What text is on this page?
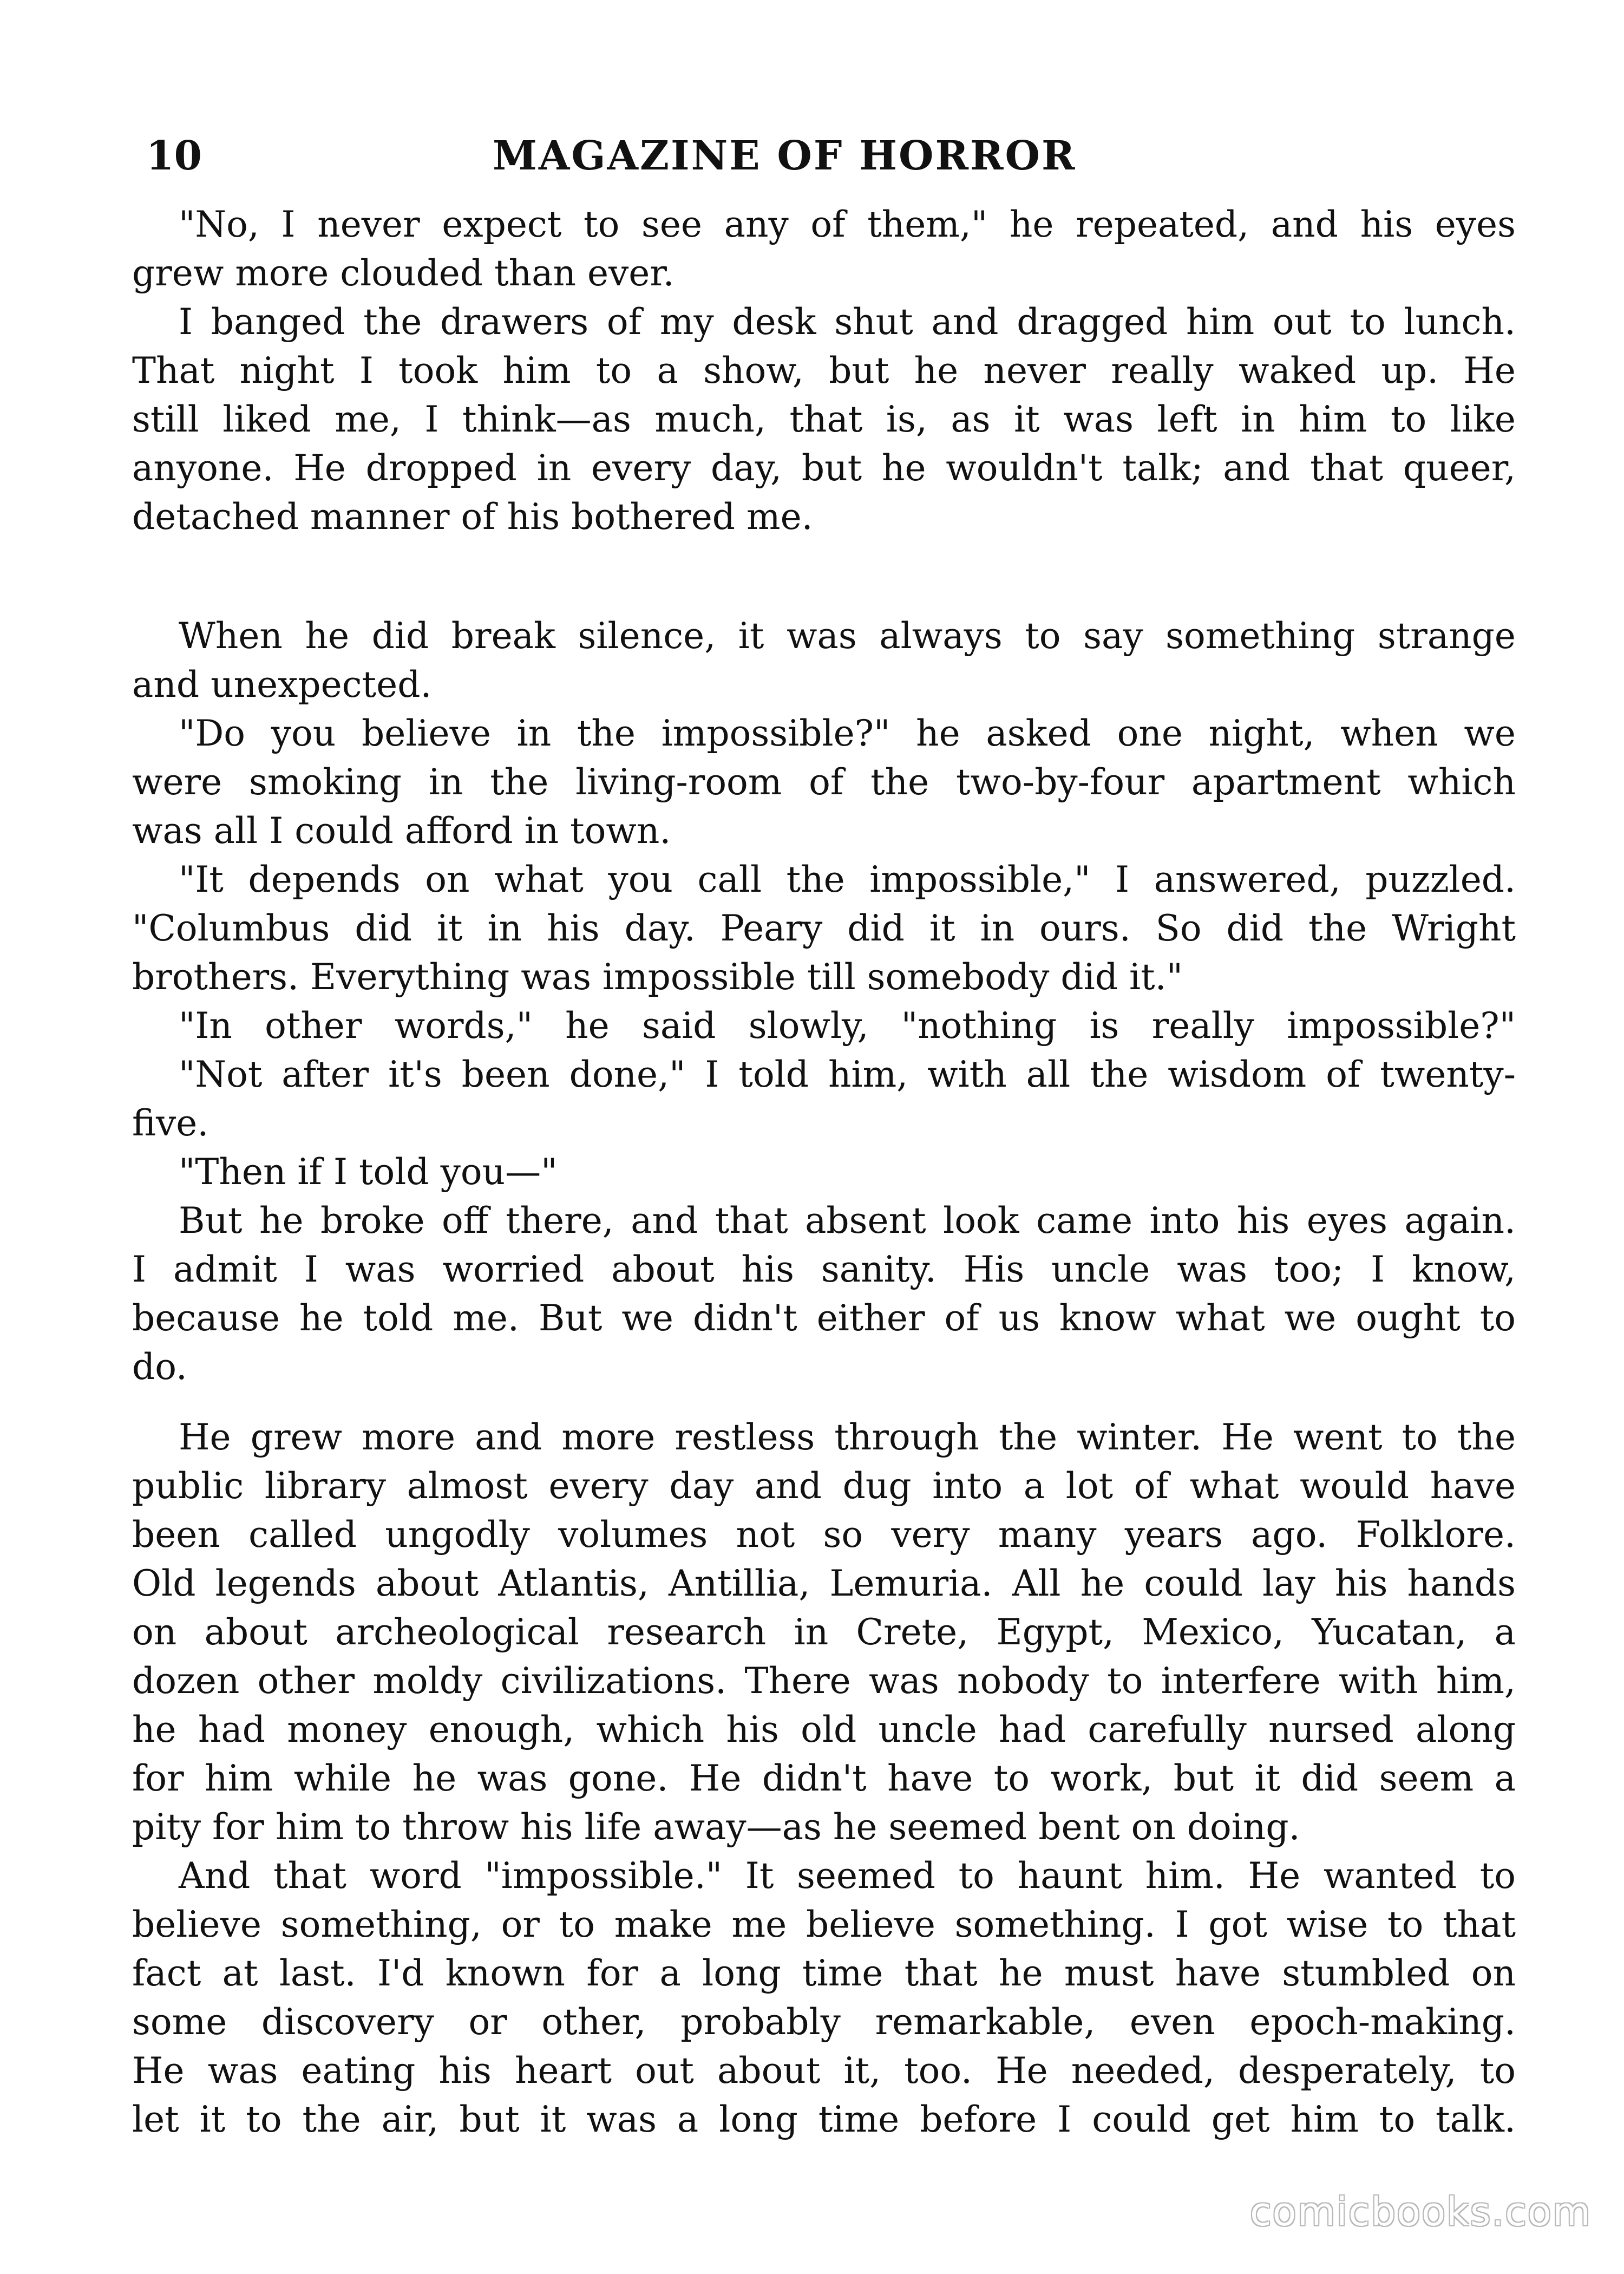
10	MAGAZINE OF HORROR
"No, I never expect to see any of them," he repeated, and his eyes
grew more clouded than ever.
I banged the drawers of my desk shut and dragged him out to lunch.
That night I took him to a show, but he never really waked up. He
still liked me, I think—as much, that is, as it was left in him to like
anyone. He dropped in every day, but he wouldn't talk; and that queer,
detached manner of his bothered me.
When he did break silence, it was always to say something strange
and unexpected.
"Do you believe in the impossible?" he asked one night, when we
were smoking in the living-room of the two-by-four apartment which
was all I could afford in town.
"It depends on what you call the impossible," I answered, puzzled.
"Columbus did it in his day. Peary did it in ours. So did the Wright
brothers. Everything was impossible till somebody did it."
"In other words," he said slowly, "nothing is really impossible?"
"Not after it's been done," I told him, with all the wisdom of twenty-
five.
"Then if I told you—"
But he broke off there, and that absent look came into his eyes again.
I admit I was worried about his sanity. His uncle was too; I know,
because he told me. But we didn't either of us know what we ought to
do.
He grew more and more restless through the winter. He went to the
public library almost every day and dug into a lot of what would have
been called ungodly volumes not so very many years ago. Folklore.
Old legends about Atlantis, Antillia, Lemuria. All he could lay his hands
on about archeological research in Crete, Egypt, Mexico, Yucatan, a
dozen other moldy civilizations. There was nobody to interfere with him,
he had money enough, which his old uncle had carefully nursed along
for him while he was gone. He didn't have to work, but it did seem a
pity for him to throw his life away—as he seemed bent on doing.
And that word "impossible." It seemed to haunt him. He wanted to
believe something, or to make me believe something. I got wise to that
fact at last. I'd known for a long time that he must have stumbled on
some discovery or other, probably remarkable, even epoch-making.
He was eating his heart out about it, too. He needed, desperately, to
let it to the air, but it was a long time before I could get him to talk.
comicbooks.com
